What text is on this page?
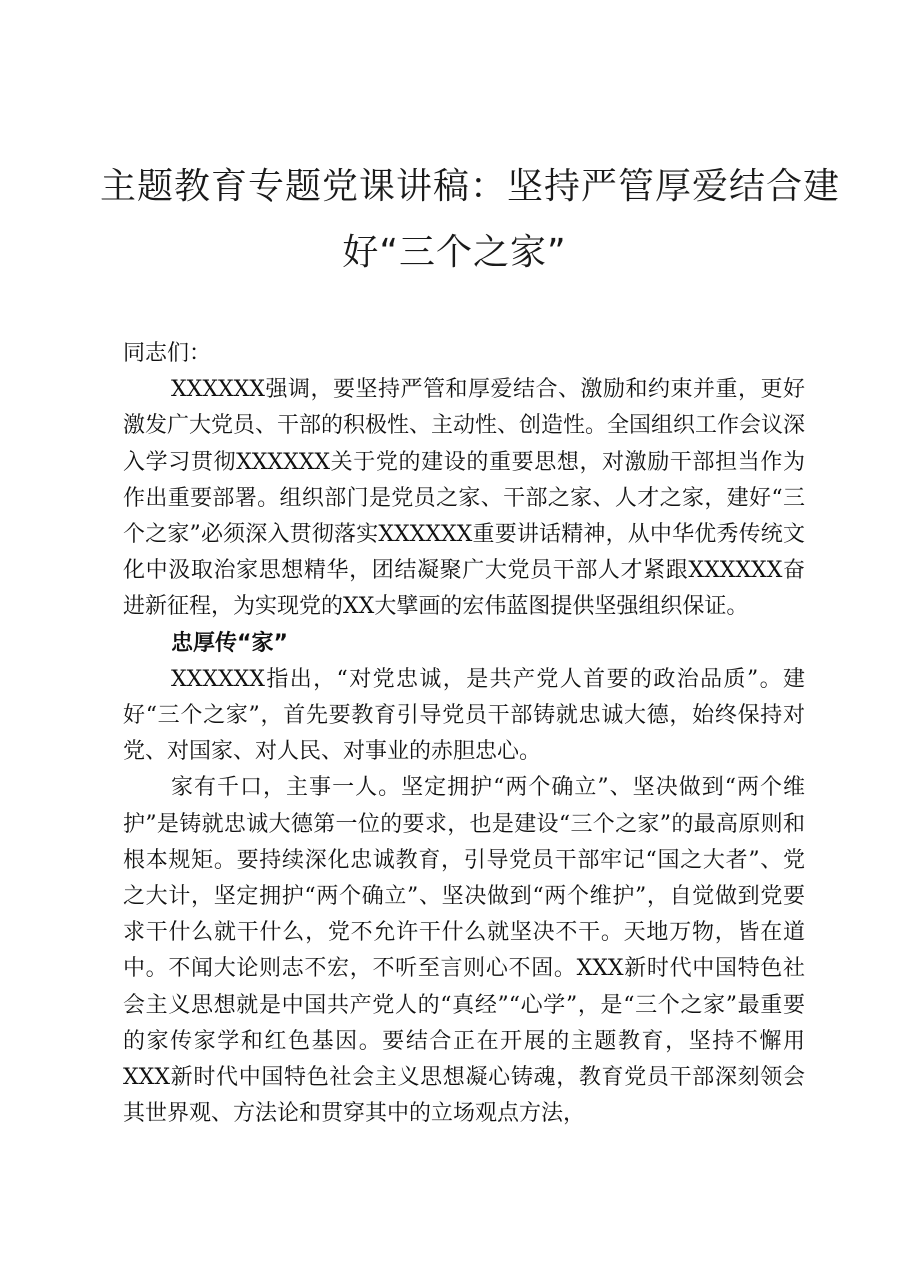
主题教育专题党课讲稿：坚持严管厚爱结合建
好“三个之家”

同志们：

XXXXXX强调，要坚持严管和厚爱结合、激励和约束并重，更好激发广大党员、干部的积极性、主动性、创造性。全国组织工作会议深入学习贯彻XXXXXX关于党的建设的重要思想，对激励干部担当作为作出重要部署。组织部门是党员之家、干部之家、人才之家，建好“三个之家”必须深入贯彻落实XXXXXX重要讲话精神，从中华优秀传统文化中汲取治家思想精华，团结凝聚广大党员干部人才紧跟XXXXXX奋进新征程，为实现党的XX大擘画的宏伟蓝图提供坚强组织保证。

忠厚传“家”

XXXXXX指出，“对党忠诚，是共产党人首要的政治品质”。建好“三个之家”，首先要教育引导党员干部铸就忠诚大德，始终保持对党、对国家、对人民、对事业的赤胆忠心。

家有千口，主事一人。坚定拥护“两个确立”、坚决做到“两个维护”是铸就忠诚大德第一位的要求，也是建设“三个之家”的最高原则和根本规矩。要持续深化忠诚教育，引导党员干部牢记“国之大者”、党之大计，坚定拥护“两个确立”、坚决做到“两个维护”，自觉做到党要求干什么就干什么，党不允许干什么就坚决不干。天地万物，皆在道中。不闻大论则志不宏，不听至言则心不固。XXX新时代中国特色社会主义思想就是中国共产党人的“真经”“心学”，是“三个之家”最重要的家传家学和红色基因。要结合正在开展的主题教育，坚持不懈用XXX新时代中国特色社会主义思想凝心铸魂，教育党员干部深刻领会其世界观、方法论和贯穿其中的立场观点方法，
